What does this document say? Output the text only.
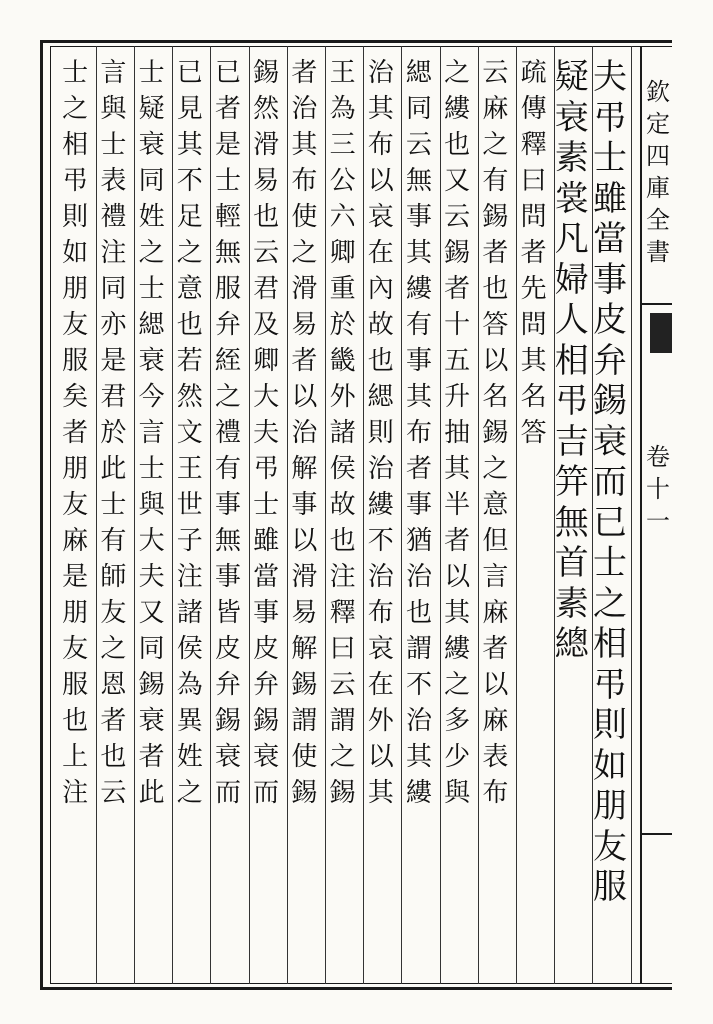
欽
定
四
庫
全
書
卷
十
一
夫
弔
士
雖
當
事
皮
弁
錫
衰
而
已
士
之
相
弔
則
如
朋
友
服
疑
衰
素
裳
凡
婦
人
相
弔
吉
笄
無
首
素
總
疏
傳
釋
曰
問
者
先
問
其
名
答
云
麻
之
有
錫
者
也
答
以
名
錫
之
意
但
言
麻
者
以
麻
表
布
之
縷
也
又
云
錫
者
十
五
升
抽
其
半
者
以
其
縷
之
多
少
與
緦
同
云
無
事
其
縷
有
事
其
布
者
事
猶
治
也
謂
不
治
其
縷
治
其
布
以
哀
在
內
故
也
緦
則
治
縷
不
治
布
哀
在
外
以
其
王
為
三
公
六
卿
重
於
畿
外
諸
侯
故
也
注
釋
曰
云
謂
之
錫
者
治
其
布
使
之
滑
易
者
以
治
解
事
以
滑
易
解
錫
謂
使
錫
錫
然
滑
易
也
云
君
及
卿
大
夫
弔
士
雖
當
事
皮
弁
錫
衰
而
已
者
是
士
輕
無
服
弁
絰
之
禮
有
事
無
事
皆
皮
弁
錫
衰
而
已
見
其
不
足
之
意
也
若
然
文
王
世
子
注
諸
侯
為
異
姓
之
士
疑
衰
同
姓
之
士
緦
衰
今
言
士
與
大
夫
又
同
錫
衰
者
此
言
與
士
表
禮
注
同
亦
是
君
於
此
士
有
師
友
之
恩
者
也
云
士
之
相
弔
則
如
朋
友
服
矣
者
朋
友
麻
是
朋
友
服
也
上
注
